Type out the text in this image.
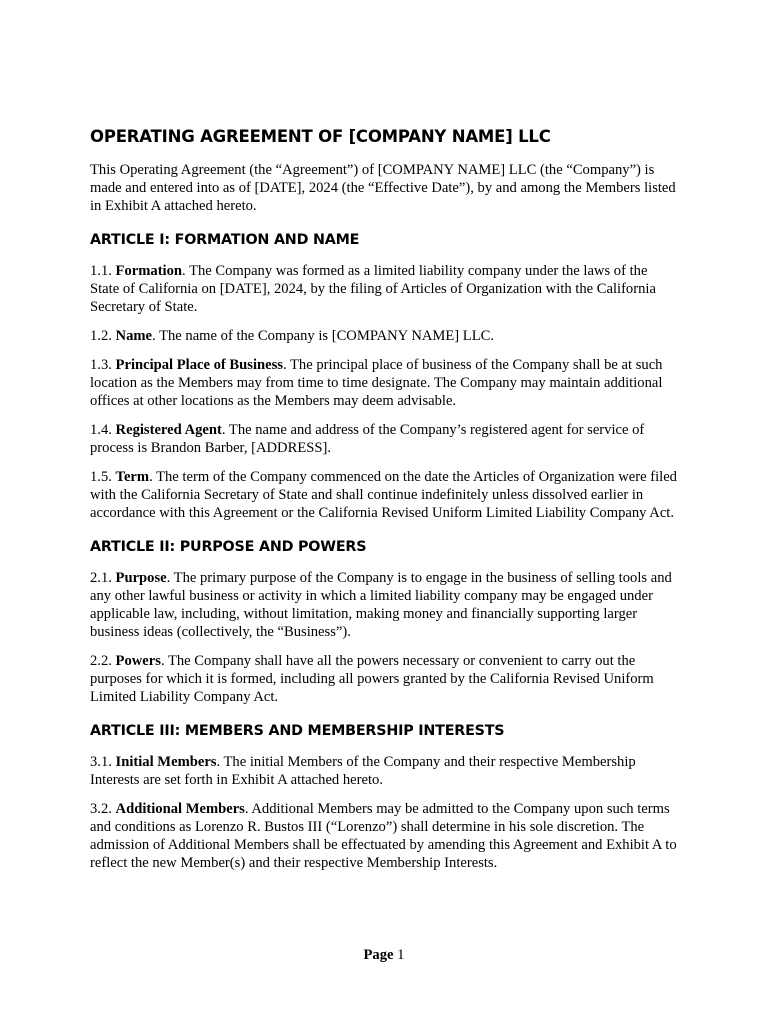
OPERATING AGREEMENT OF [COMPANY NAME] LLC

This Operating Agreement (the “Agreement”) of [COMPANY NAME] LLC (the “Company”) is made and entered into as of [DATE], 2024 (the “Effective Date”), by and among the Members listed in Exhibit A attached hereto.

ARTICLE I: FORMATION AND NAME

1.1. Formation. The Company was formed as a limited liability company under the laws of the State of California on [DATE], 2024, by the filing of Articles of Organization with the California Secretary of State.

1.2. Name. The name of the Company is [COMPANY NAME] LLC.

1.3. Principal Place of Business. The principal place of business of the Company shall be at such location as the Members may from time to time designate. The Company may maintain additional offices at other locations as the Members may deem advisable.

1.4. Registered Agent. The name and address of the Company’s registered agent for service of process is Brandon Barber, [ADDRESS].

1.5. Term. The term of the Company commenced on the date the Articles of Organization were filed with the California Secretary of State and shall continue indefinitely unless dissolved earlier in accordance with this Agreement or the California Revised Uniform Limited Liability Company Act.

ARTICLE II: PURPOSE AND POWERS

2.1. Purpose. The primary purpose of the Company is to engage in the business of selling tools and any other lawful business or activity in which a limited liability company may be engaged under applicable law, including, without limitation, making money and financially supporting larger business ideas (collectively, the “Business”).

2.2. Powers. The Company shall have all the powers necessary or convenient to carry out the purposes for which it is formed, including all powers granted by the California Revised Uniform Limited Liability Company Act.

ARTICLE III: MEMBERS AND MEMBERSHIP INTERESTS

3.1. Initial Members. The initial Members of the Company and their respective Membership Interests are set forth in Exhibit A attached hereto.

3.2. Additional Members. Additional Members may be admitted to the Company upon such terms and conditions as Lorenzo R. Bustos III (“Lorenzo”) shall determine in his sole discretion. The admission of Additional Members shall be effectuated by amending this Agreement and Exhibit A to reflect the new Member(s) and their respective Membership Interests.

Page 1
